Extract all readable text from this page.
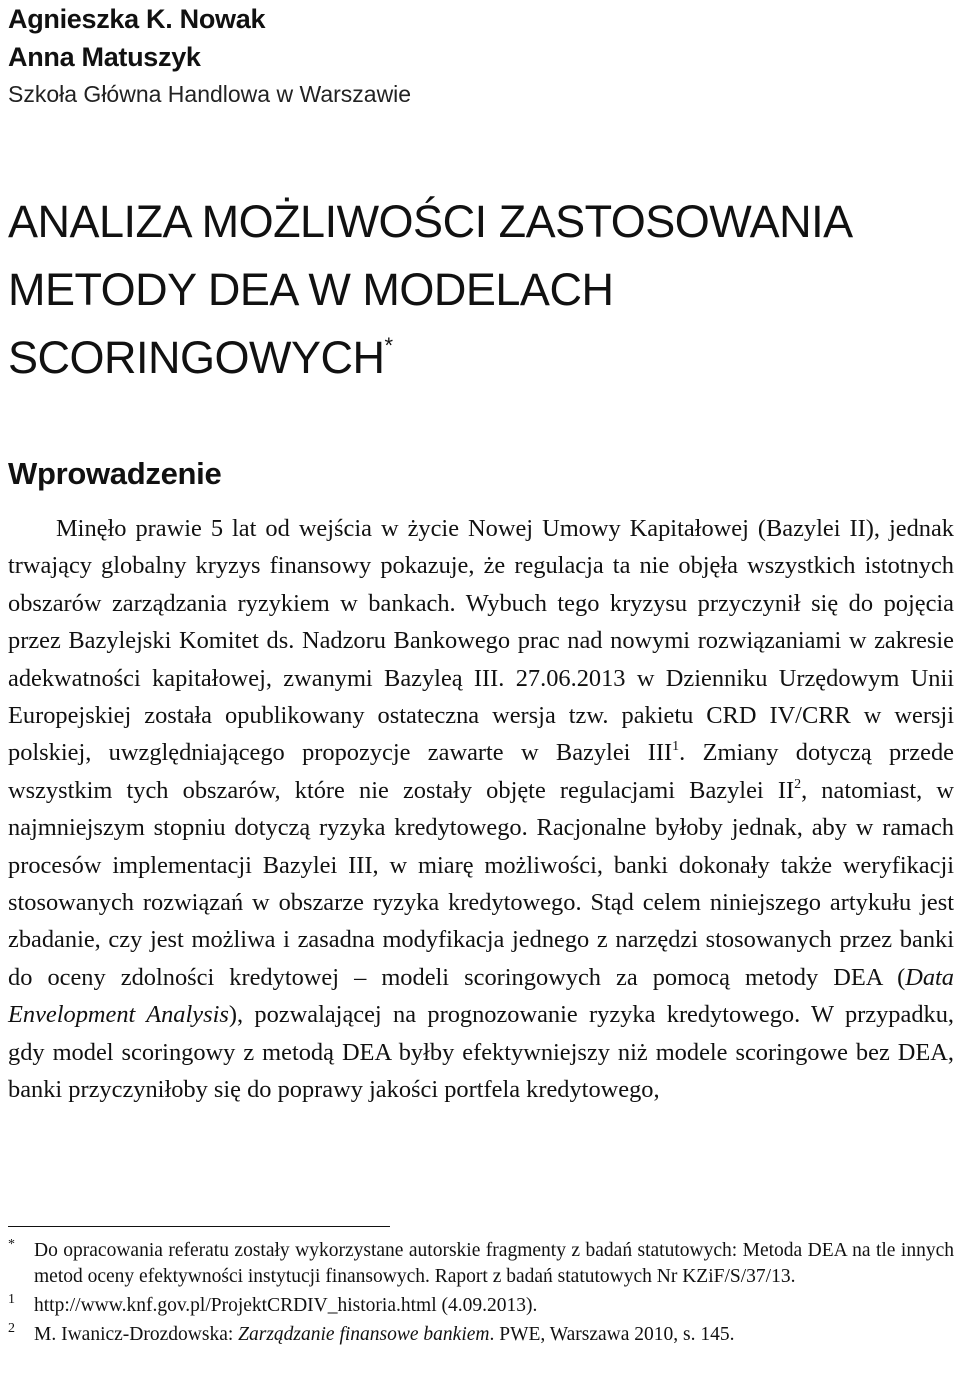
Agnieszka K. Nowak

Anna Matuszyk

Szkoła Główna Handlowa w Warszawie

ANALIZA MOŻLIWOŚCI ZASTOSOWANIA
METODY DEA W MODELACH
SCORINGOWYCH*
Wprowadzenie

Minęło prawie 5 lat od wejścia w życie Nowej Umowy Kapitałowej (Bazylei II), jednak trwający globalny kryzys finansowy pokazuje, że regulacja ta nie objęła wszystkich istotnych obszarów zarządzania ryzykiem w bankach. Wybuch tego kryzysu przyczynił się do pojęcia przez Bazylejski Komitet ds. Nadzoru Bankowego prac nad nowymi rozwiązaniami w zakresie adekwatności kapitałowej, zwanymi Bazyleą III. 27.06.2013 w Dzienniku Urzędowym Unii Europejskiej została opublikowany ostateczna wersja tzw. pakietu CRD IV/CRR w wersji polskiej, uwzględniającego propozycje zawarte w Bazylei III$^1$. Zmiany dotyczą przede wszystkim tych obszarów, które nie zostały objęte regulacjami Bazylei $II^2$, natomiast, w najmniejszym stopniu dotyczą ryzyka kredytowego. Racjonalne byłoby jednak, aby w ramach procesów implementacji Bazylei III, w miarę możliwości, banki dokonały także weryfikacji stosowanych rozwiązań w obszarze ryzyka kredytowego. Stąd celem niniejszego artykułu jest zbadanie, czy jest możliwa i zasadna modyfikacja jednego z narzędzi stosowanych przez banki do oceny zdolności kredytowej – modeli scoringowych za pomocą metody DEA (Data Envelopment Analysis), pozwalającej na prognozowanie ryzyka kredytowego. W przypadku, gdy model scoringowy z metodą DEA byłby efektywniejszy niż modele scoringowe bez DEA, banki przyczyniłoby się do poprawy jakości portfela kredytowego,

* Do opracowania referatu zostały wykorzystane autorskie fragmenty z badań statutowych: Metoda DEA na tle innych metod oceny efektywności instytucji finansowych. Raport z badań statutowych Nr KZiF/S/37/13.

1 http://www.knf.gov.pl/ProjektCRDIV_historia.html (4.09.2013).

2 M. Iwanicz-Drozdowska: Zarządzanie finansowe bankiem. PWE, Warszawa 2010, s. 145.
